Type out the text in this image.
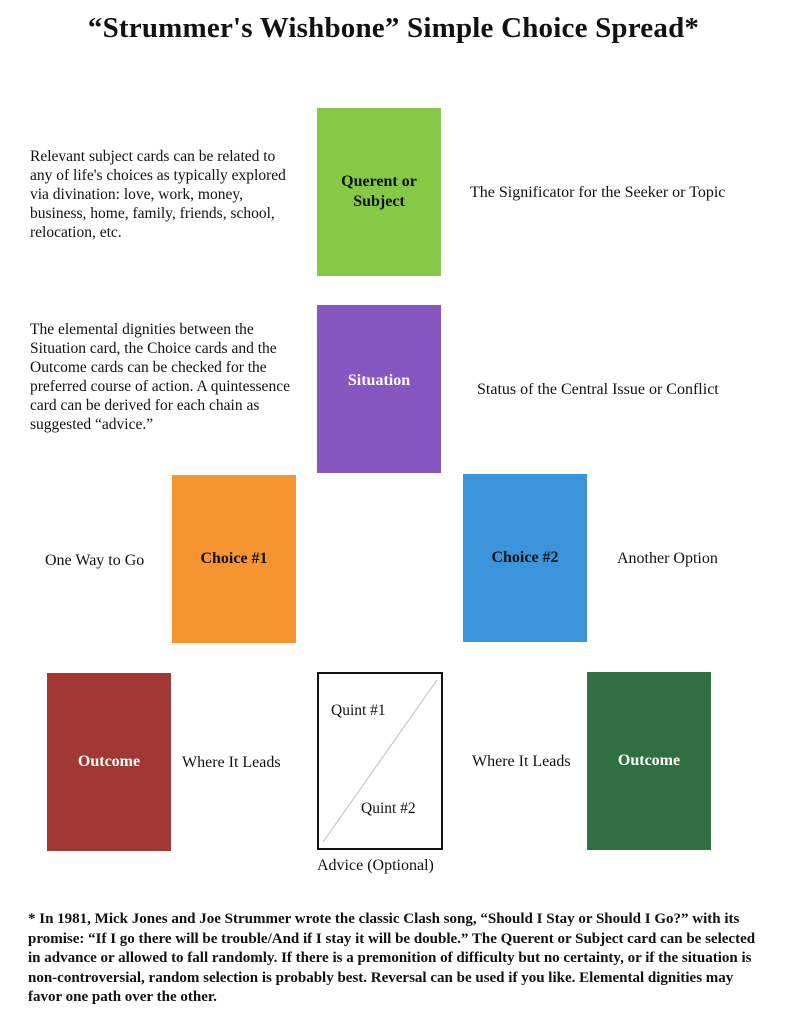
“Strummer's Wishbone” Simple Choice Spread*
Relevant subject cards can be related to any of life's choices as typically explored via divination: love, work, money, business, home, family, friends, school, relocation, etc.
Querent or Subject
The Significator for the Seeker or Topic
The elemental dignities between the Situation card, the Choice cards and the Outcome cards can be checked for the preferred course of action. A quintessence card can be derived for each chain as suggested “advice.”
Situation
Status of the Central Issue or Conflict
One Way to Go	Choice #1	Choice #2	Another Option
Outcome	Where It Leads
Quint #1
Quint #2
Advice (Optional)
Where It Leads	Outcome
* In 1981, Mick Jones and Joe Strummer wrote the classic Clash song, “Should I Stay or Should I Go?” with its promise: “If I go there will be trouble/And if I stay it will be double.” The Querent or Subject card can be selected in advance or allowed to fall randomly. If there is a premonition of difficulty but no certainty, or if the situation is non-controversial, random selection is probably best. Reversal can be used if you like. Elemental dignities may favor one path over the other.
